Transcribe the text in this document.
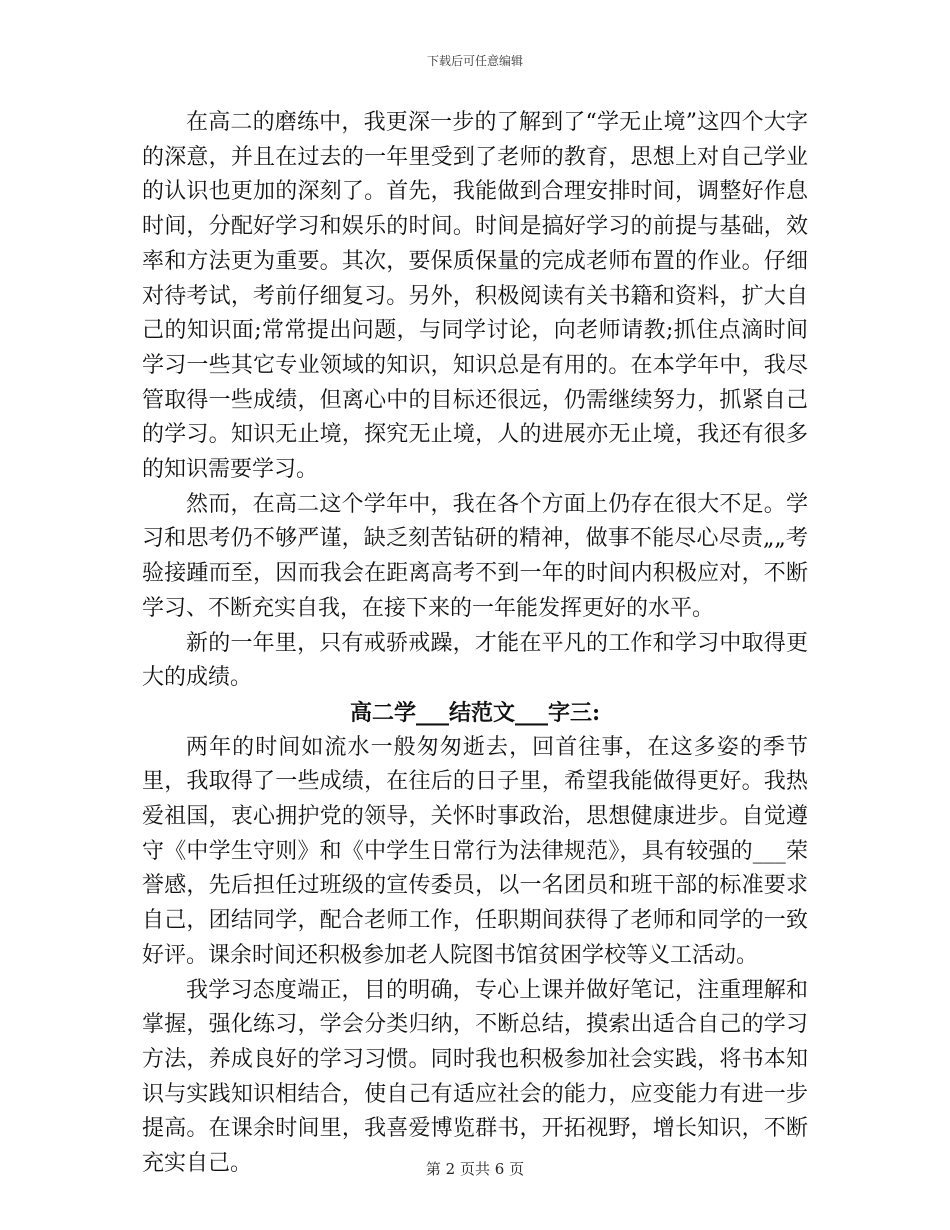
下载后可任意编辑

在高二的磨练中，我更深一步的了解到了“学无止境”这四个大字的深意，并且在过去的一年里受到了老师的教育，思想上对自己学业的认识也更加的深刻了。首先，我能做到合理安排时间，调整好作息时间，分配好学习和娱乐的时间。时间是搞好学习的前提与基础，效率和方法更为重要。其次，要保质保量的完成老师布置的作业。仔细对待考试，考前仔细复习。另外，积极阅读有关书籍和资料，扩大自己的知识面;常常提出问题，与同学讨论，向老师请教;抓住点滴时间学习一些其它专业领域的知识，知识总是有用的。在本学年中，我尽管取得一些成绩，但离心中的目标还很远，仍需继续努力，抓紧自己的学习。知识无止境，探究无止境，人的进展亦无止境，我还有很多的知识需要学习。

然而，在高二这个学年中，我在各个方面上仍存在很大不足。学习和思考仍不够严谨，缺乏刻苦钻研的精神，做事不能尽心尽责„„考验接踵而至，因而我会在距离高考不到一年的时间内积极应对，不断学习、不断充实自我，在接下来的一年能发挥更好的水平。

新的一年里，只有戒骄戒躁，才能在平凡的工作和学习中取得更大的成绩。

高二学___结范文___字三:

两年的时间如流水一般匆匆逝去，回首往事，在这多姿的季节里，我取得了一些成绩，在往后的日子里，希望我能做得更好。我热爱祖国，衷心拥护党的领导，关怀时事政治，思想健康进步。自觉遵守《中学生守则》和《中学生日常行为法律规范》，具有较强的___荣誉感，先后担任过班级的宣传委员，以一名团员和班干部的标准要求自己，团结同学，配合老师工作，任职期间获得了老师和同学的一致好评。课余时间还积极参加老人院图书馆贫困学校等义工活动。

我学习态度端正，目的明确，专心上课并做好笔记，注重理解和掌握，强化练习，学会分类归纳，不断总结，摸索出适合自己的学习方法，养成良好的学习习惯。同时我也积极参加社会实践，将书本知识与实践知识相结合，使自己有适应社会的能力，应变能力有进一步提高。在课余时间里，我喜爱博览群书，开拓视野，增长知识，不断充实自己。	第 2 页共 6 页
